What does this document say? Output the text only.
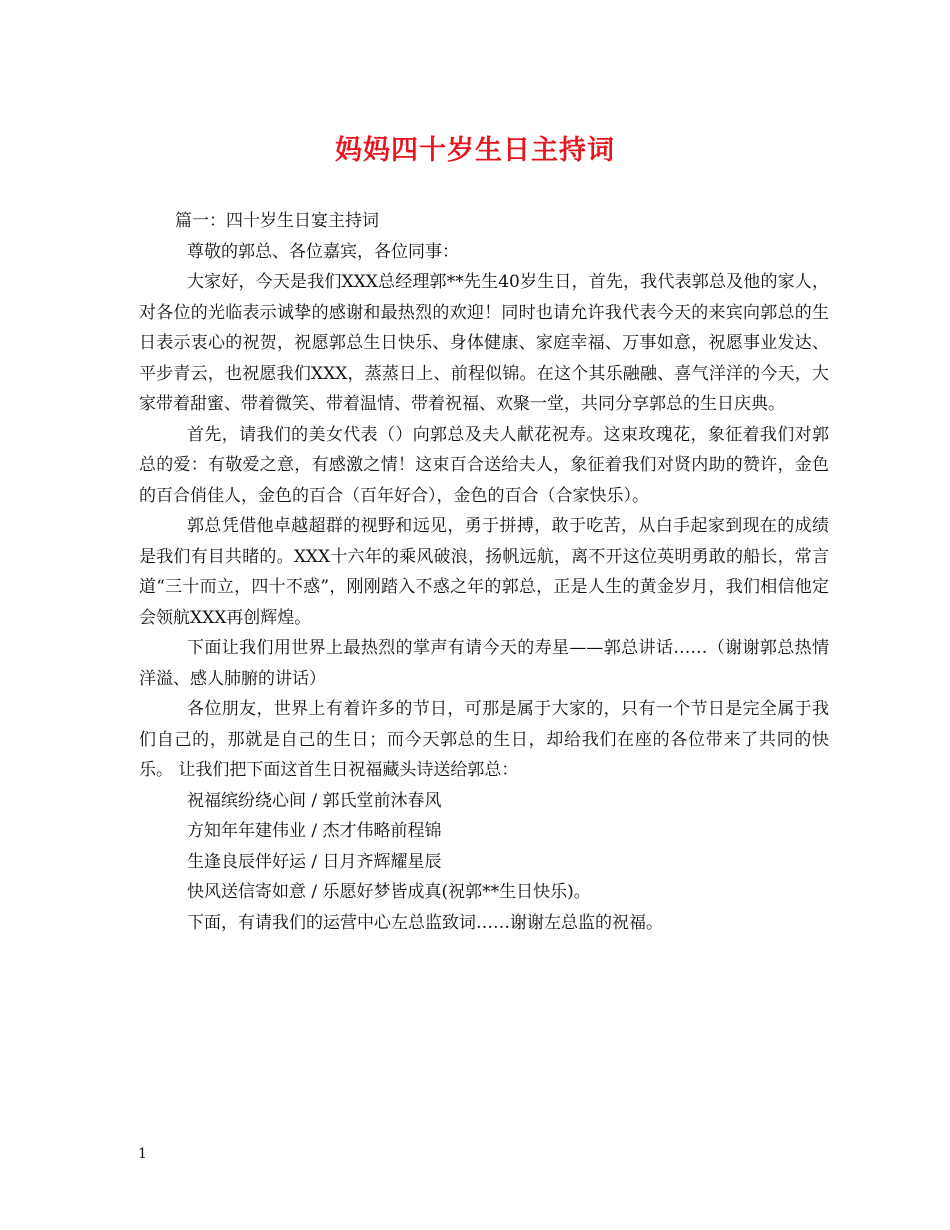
妈妈四十岁生日主持词

篇一：四十岁生日宴主持词

尊敬的郭总、各位嘉宾，各位同事：

大家好，今天是我们XXX总经理郭**先生40岁生日，首先，我代表郭总及他的家人，对各位的光临表示诚挚的感谢和最热烈的欢迎！同时也请允许我代表今天的来宾向郭总的生日表示衷心的祝贺，祝愿郭总生日快乐、身体健康、家庭幸福、万事如意，祝愿事业发达、平步青云，也祝愿我们XXX，蒸蒸日上、前程似锦。在这个其乐融融、喜气洋洋的今天，大家带着甜蜜、带着微笑、带着温情、带着祝福、欢聚一堂，共同分享郭总的生日庆典。

首先，请我们的美女代表（）向郭总及夫人献花祝寿。这束玫瑰花，象征着我们对郭总的爱：有敬爱之意，有感激之情！这束百合送给夫人，象征着我们对贤内助的赞许，金色的百合俏佳人，金色的百合（百年好合），金色的百合（合家快乐）。

郭总凭借他卓越超群的视野和远见，勇于拼搏，敢于吃苦，从白手起家到现在的成绩是我们有目共睹的。XXX十六年的乘风破浪，扬帆远航，离不开这位英明勇敢的船长，常言道“三十而立，四十不惑”，刚刚踏入不惑之年的郭总，正是人生的黄金岁月，我们相信他定会领航XXX再创辉煌。

下面让我们用世界上最热烈的掌声有请今天的寿星——郭总讲话……（谢谢郭总热情洋溢、感人肺腑的讲话）

各位朋友，世界上有着许多的节日，可那是属于大家的，只有一个节日是完全属于我们自己的，那就是自己的生日；而今天郭总的生日，却给我们在座的各位带来了共同的快乐。 让我们把下面这首生日祝福藏头诗送给郭总：

祝福缤纷绕心间 / 郭氏堂前沐春风

方知年年建伟业 / 杰才伟略前程锦

生逢良辰伴好运 / 日月齐辉耀星辰

快风送信寄如意 / 乐愿好梦皆成真(祝郭**生日快乐)。

下面，有请我们的运营中心左总监致词……谢谢左总监的祝福。

1
